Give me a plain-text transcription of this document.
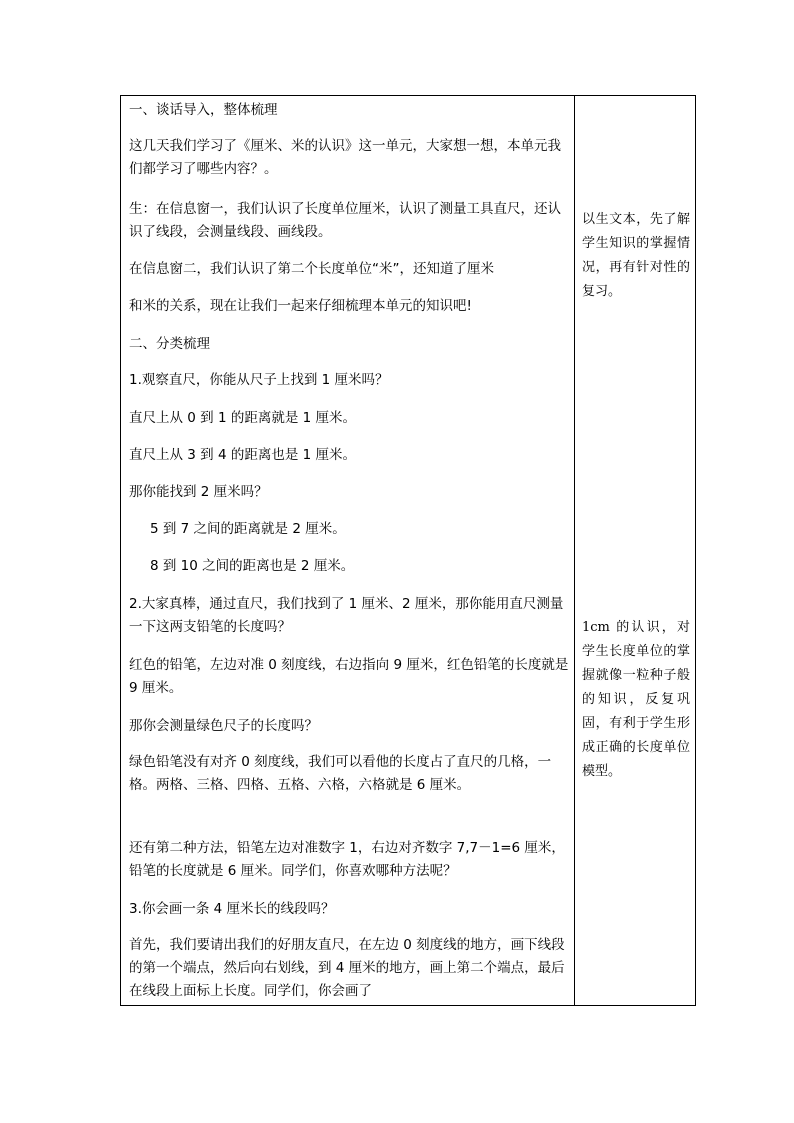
一、谈话导入，整体梳理

这几天我们学习了《厘米、米的认识》这一单元，大家想一想，本单元我们都学习了哪些内容？。

生：在信息窗一，我们认识了长度单位厘米，认识了测量工具直尺，还认识了线段，会测量线段、画线段。

在信息窗二，我们认识了第二个长度单位“米”，还知道了厘米

和米的关系，现在让我们一起来仔细梳理本单元的知识吧!

二、分类梳理

1.观察直尺，你能从尺子上找到 1 厘米吗？

直尺上从 0 到 1 的距离就是 1 厘米。

直尺上从 3 到 4 的距离也是 1 厘米。

那你能找到 2 厘米吗？

5 到 7 之间的距离就是 2 厘米。

8 到 10 之间的距离也是 2 厘米。

2.大家真棒，通过直尺，我们找到了 1 厘米、2 厘米，那你能用直尺测量一下这两支铅笔的长度吗？

红色的铅笔，左边对准 0 刻度线，右边指向 9 厘米，红色铅笔的长度就是 9 厘米。

那你会测量绿色尺子的长度吗？

绿色铅笔没有对齐 0 刻度线，我们可以看他的长度占了直尺的几格，一格。两格、三格、四格、五格、六格，六格就是 6 厘米。

还有第二种方法，铅笔左边对准数字 1，右边对齐数字 7,7－1=6 厘米，铅笔的长度就是 6 厘米。同学们，你喜欢哪种方法呢？

3.你会画一条 4 厘米长的线段吗？

首先，我们要请出我们的好朋友直尺，在左边 0 刻度线的地方，画下线段的第一个端点，然后向右划线，到 4 厘米的地方，画上第二个端点，最后在线段上面标上长度。同学们，你会画了

以生文本，先了解学生知识的掌握情况，再有针对性的复习。

1cm 的认识，对学生长度单位的掌握就像一粒种子般的知识，反复巩固，有利于学生形成正确的长度单位模型。
